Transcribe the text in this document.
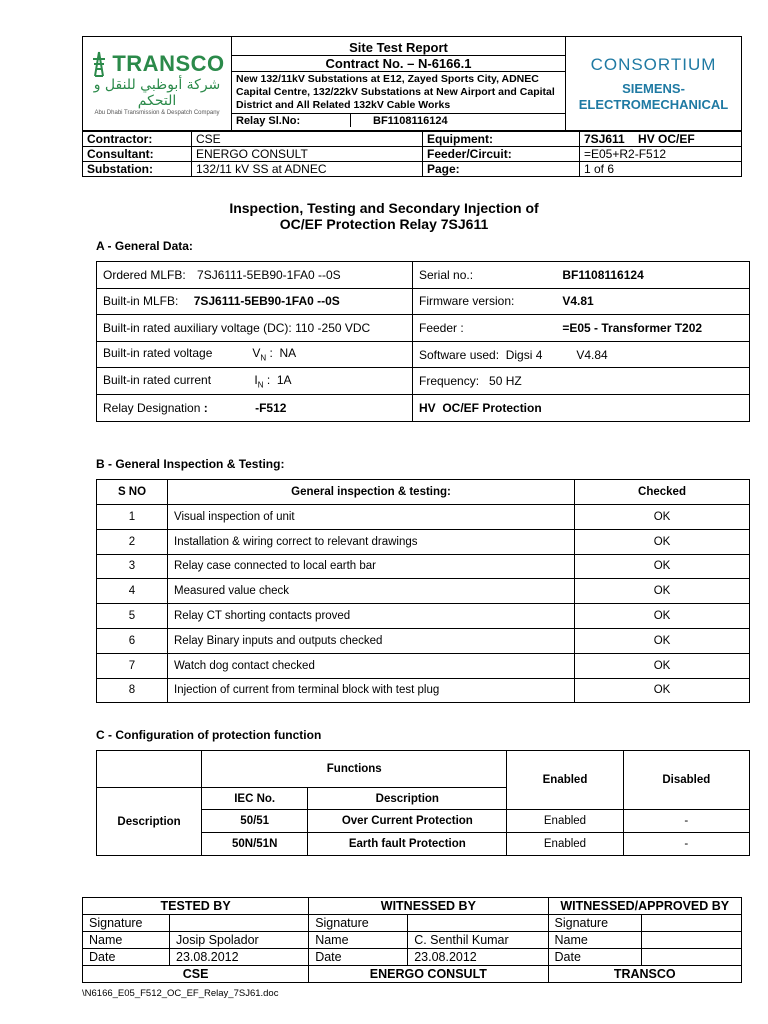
TRANSCO
شركة أبوظبي للنقل و التحكم
Abu Dhabi Transmission & Despatch Company

Site Test Report
Contract No. – N-6166.1
New 132/11kV Substations at E12, Zayed Sports City, ADNEC Capital Centre, 132/22kV Substations at New Airport and Capital District and All Related 132kV Cable Works
Relay Sl.No:	BF1108116124

CONSORTIUM
SIEMENS-
ELECTROMECHANICAL
Contractor:	CSE	Equipment:	7SJ611    HV OC/EF
Consultant:	ENERGO CONSULT	Feeder/Circuit:	=E05+R2-F512
Substation:	132/11 kV SS at ADNEC	Page:	1 of 6
Inspection, Testing and Secondary Injection of
OC/EF Protection Relay 7SJ611
A - General Data:
Ordered MLFB: 7SJ6111-5EB90-1FA0 --0S	Serial no.: BF1108116124
Built-in MLFB: 7SJ6111-5EB90-1FA0 --0S	Firmware version: V4.81
Built-in rated auxiliary voltage (DC): 110 -250 VDC	Feeder : =E05 - Transformer T202
Built-in rated voltage $V_N$ :  NA	Software used:  Digsi 4 V4.84
Built-in rated current $I_N$ :  1A	Frequency:   50 HZ
Relay Designation : -F512	HV  OC/EF Protection
B - General Inspection & Testing:
S NO	General inspection & testing:	Checked
1	Visual inspection of unit	OK
2	Installation & wiring correct to relevant drawings	OK
3	Relay case connected to local earth bar	OK
4	Measured value check	OK
5	Relay CT shorting contacts proved	OK
6	Relay Binary inputs and outputs checked	OK
7	Watch dog contact checked	OK
8	Injection of current from terminal block with test plug	OK
C - Configuration of protection function
	Functions		Enabled	Disabled
Description	IEC No.	Description		
	50/51	Over Current Protection	Enabled	-
	50N/51N	Earth fault Protection	Enabled	-
TESTED BY		WITNESSED BY		WITNESSED/APPROVED BY	
Signature		Signature		Signature	
Name	Josip Spolador	Name	C. Senthil Kumar	Name	
Date	23.08.2012	Date	23.08.2012	Date	
CSE		ENERGO CONSULT		TRANSCO	
\N6166_E05_F512_OC_EF_Relay_7SJ61.doc
